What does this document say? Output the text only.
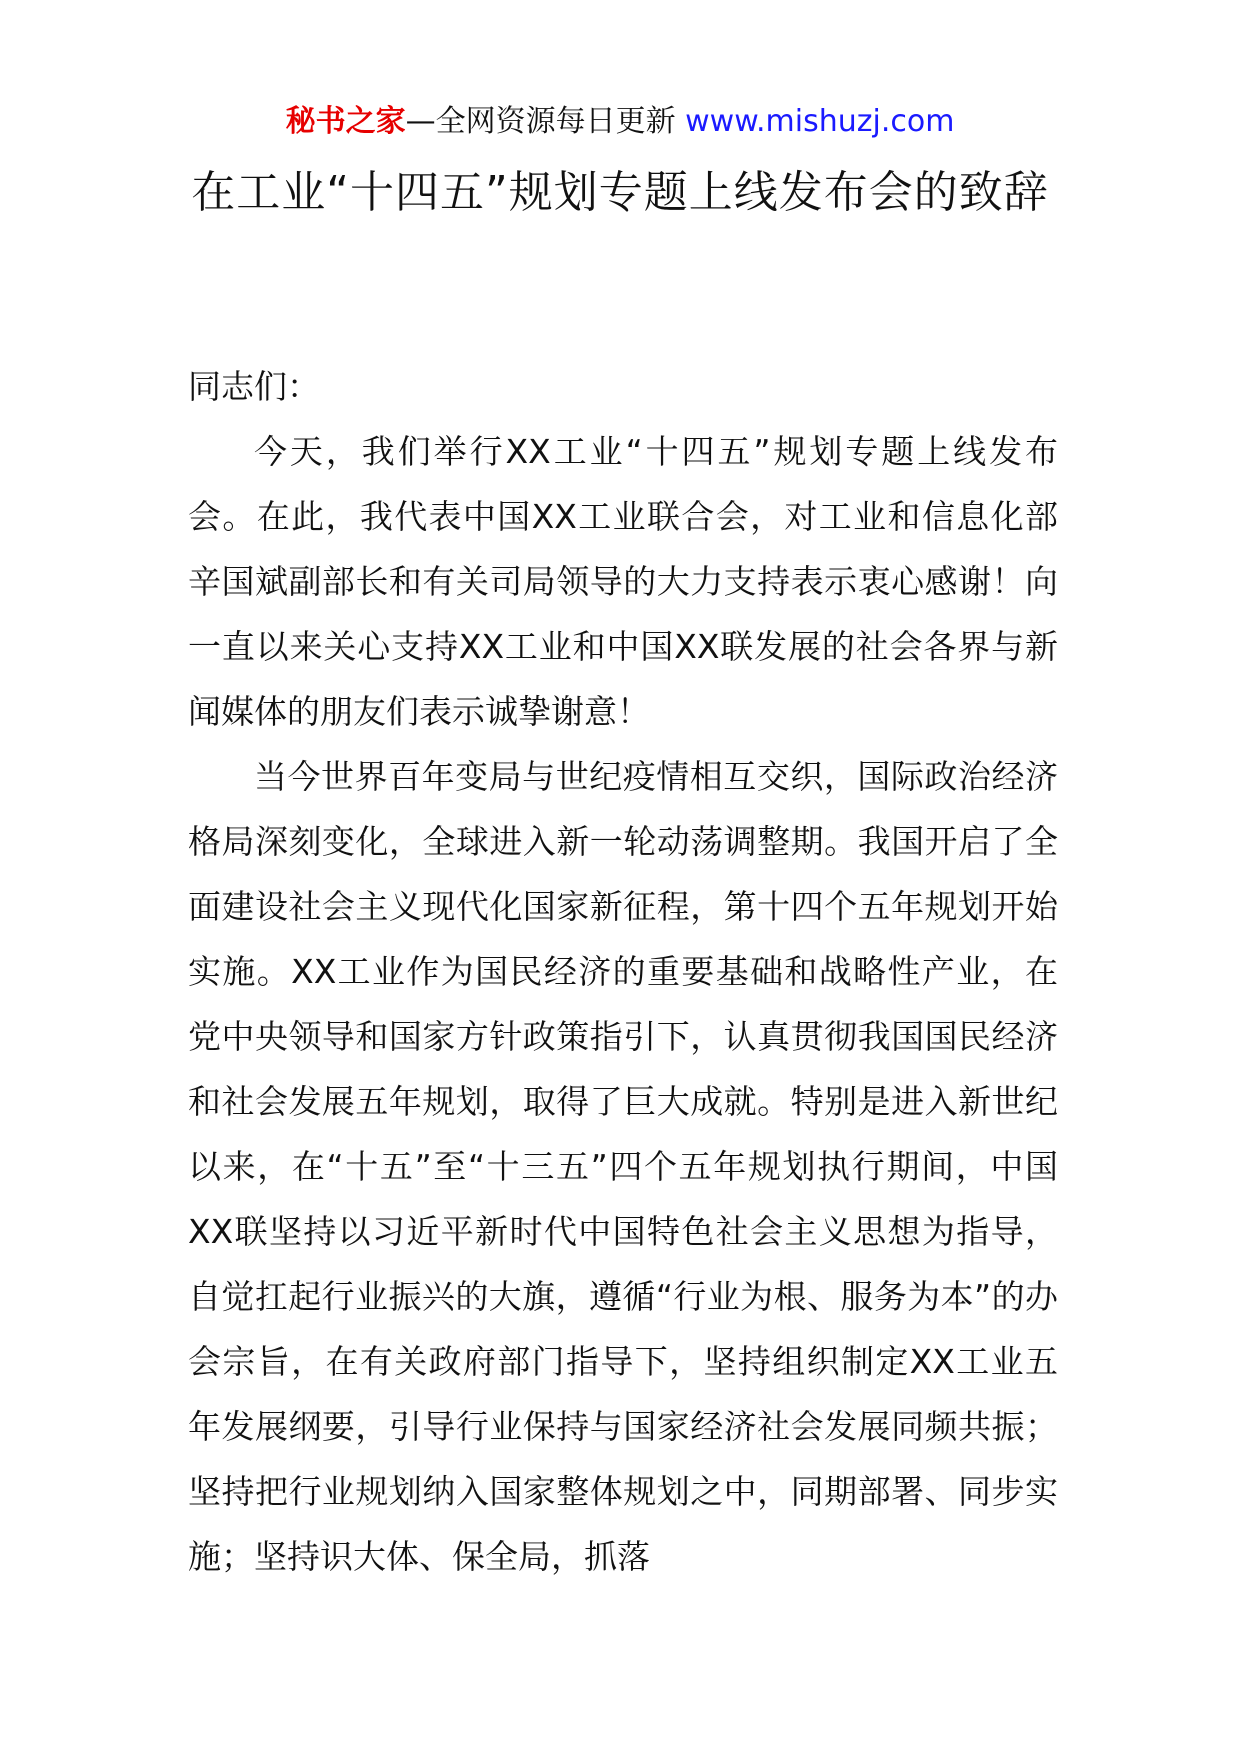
秘书之家—全网资源每日更新 www.mishuzj.com
在工业“十四五”规划专题上线发布会的致辞

同志们：

今天，我们举行XX工业“十四五”规划专题上线发布会。在此，我代表中国XX工业联合会，对工业和信息化部辛国斌副部长和有关司局领导的大力支持表示衷心感谢！向一直以来关心支持XX工业和中国XX联发展的社会各界与新闻媒体的朋友们表示诚挚谢意！

当今世界百年变局与世纪疫情相互交织，国际政治经济格局深刻变化，全球进入新一轮动荡调整期。我国开启了全面建设社会主义现代化国家新征程，第十四个五年规划开始实施。XX工业作为国民经济的重要基础和战略性产业，在党中央领导和国家方针政策指引下，认真贯彻我国国民经济和社会发展五年规划，取得了巨大成就。特别是进入新世纪以来，在“十五”至“十三五”四个五年规划执行期间，中国XX联坚持以习近平新时代中国特色社会主义思想为指导，自觉扛起行业振兴的大旗，遵循“行业为根、服务为本”的办会宗旨，在有关政府部门指导下，坚持组织制定XX工业五年发展纲要，引导行业保持与国家经济社会发展同频共振；坚持把行业规划纳入国家整体规划之中，同期部署、同步实施；坚持识大体、保全局，抓落
